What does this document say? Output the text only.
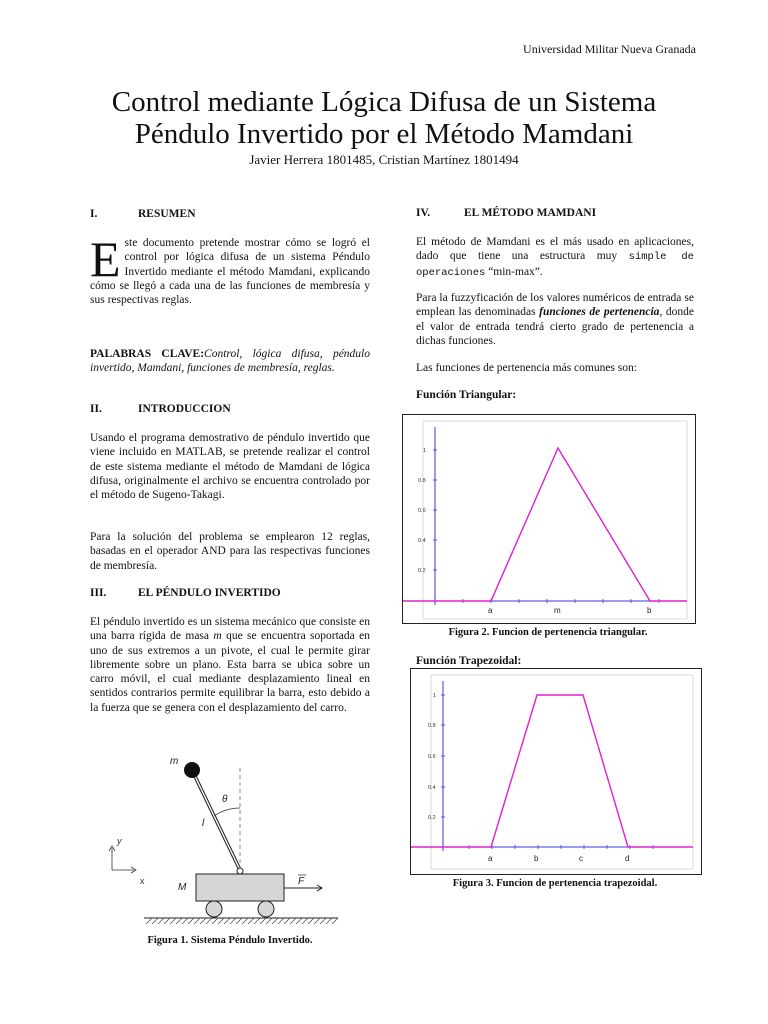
Universidad Militar Nueva Granada
Control mediante Lógica Difusa de un Sistema
Péndulo Invertido por el Método Mamdani
Javier Herrera 1801485, Cristian Martínez 1801494
I.	RESUMEN
Este documento pretende mostrar cómo se logró el control por lógica difusa de un sistema Péndulo Invertido mediante el método Mamdani, explicando cómo se llegó a cada una de las funciones de membresía y sus respectivas reglas.
PALABRAS CLAVE:Control, lógica difusa, péndulo invertido, Mamdani, funciones de membresía, reglas.
II.	INTRODUCCION
Usando el programa demostrativo de péndulo invertido que viene incluido en MATLAB, se pretende realizar el control de este sistema mediante el método de Mamdani de lógica difusa, originalmente el archivo se encuentra controlado por el método de Sugeno-Takagi.
Para la solución del problema se emplearon 12 reglas, basadas en el operador AND para las respectivas funciones de membresía.
III.	EL PÉNDULO INVERTIDO
El péndulo invertido es un sistema mecánico que consiste en una barra rígida de masa m que se encuentra soportada en uno de sus extremos a un pivote, el cual le permite girar libremente sobre un plano. Esta barra se ubica sobre un carro móvil, el cual mediante desplazamiento lineal en sentidos contrarios permite equilibrar la barra, esto debido a la fuerza que se genera con el desplazamiento del carro.
y
x
m
θ
l
M
F
Figura 1. Sistema Péndulo Invertido.
IV.	EL MÉTODO MAMDANI
El método de Mamdani es el más usado en aplicaciones, dado que tiene una estructura muy simple de operaciones “min-max”.
Para la fuzzyficación de los valores numéricos de entrada se emplean las denominadas funciones de pertenencia, donde el valor de entrada tendrá cierto grado de pertenencia a dichas funciones.
Las funciones de pertenencia más comunes son:
Función Triangular:
1
0.8
0.6
0.4
0.2
a	m	b
Figura 2. Funcion de pertenencia triangular.
Función Trapezoidal:
1
0.8
0.6
0.4
0.2
a	b	c	d
Figura 3. Funcion de pertenencia trapezoidal.
